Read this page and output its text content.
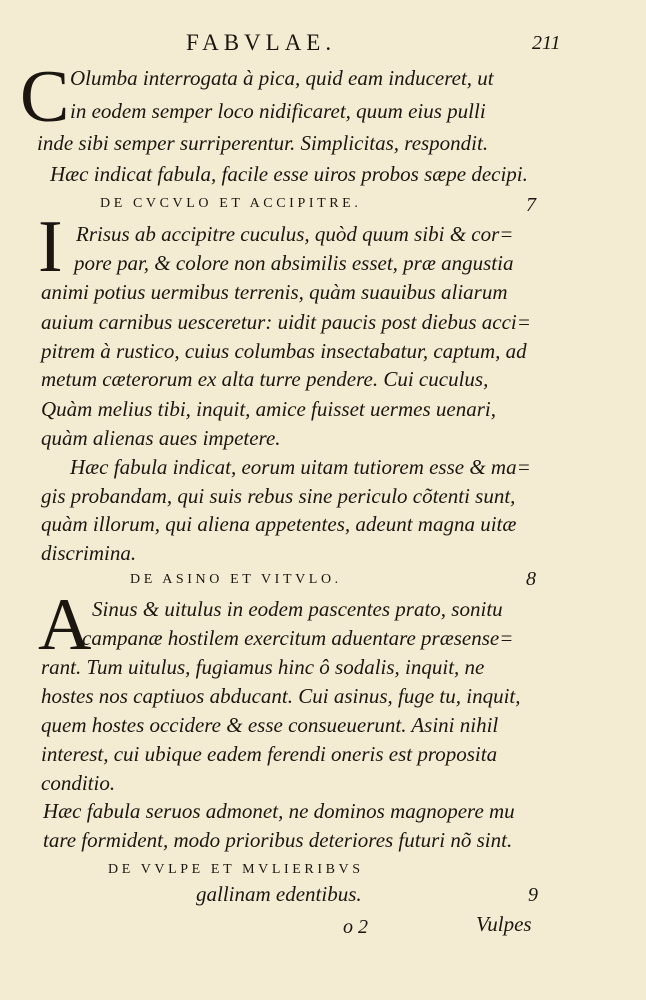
FABVLAE.	211
C Olumba interrogata à pica, quid eam induceret, ut
in eodem semper loco nidificaret, quum eius pulli
inde sibi semper surriperentur. Simplicitas, respondit.
Hæc indicat fabula, facile esse uiros probos sæpe decipi.
DE CVCVLO ET ACCIPITRE.	7
I Rrisus ab accipitre cuculus, quòd quum sibi & cor=
pore par, & colore non absimilis esset, præ angustia
animi potius uermibus terrenis, quàm suauibus aliarum
auium carnibus uesceretur: uidit paucis post diebus acci=
pitrem à rustico, cuius columbas insectabatur, captum, ad
metum cæterorum ex alta turre pendere. Cui cuculus,
Quàm melius tibi, inquit, amice fuisset uermes uenari,
quàm alienas aues impetere.
Hæc fabula indicat, eorum uitam tutiorem esse & ma=
gis probandam, qui suis rebus sine periculo cõtenti sunt,
quàm illorum, qui aliena appetentes, adeunt magna uitæ
discrimina.
DE ASINO ET VITVLO.	8
A Sinus & uitulus in eodem pascentes prato, sonitu
campanæ hostilem exercitum aduentare præsense=
rant. Tum uitulus, fugiamus hinc ô sodalis, inquit, ne
hostes nos captiuos abducant. Cui asinus, fuge tu, inquit,
quem hostes occidere & esse consueuerunt. Asini nihil
interest, cui ubique eadem ferendi oneris est proposita
conditio.
Hæc fabula seruos admonet, ne dominos magnopere mu
tare formident, modo prioribus deteriores futuri nõ sint.
DE VVLPE ET MVLIERIBVS
gallinam edentibus.	9
o 2	Vulpes
